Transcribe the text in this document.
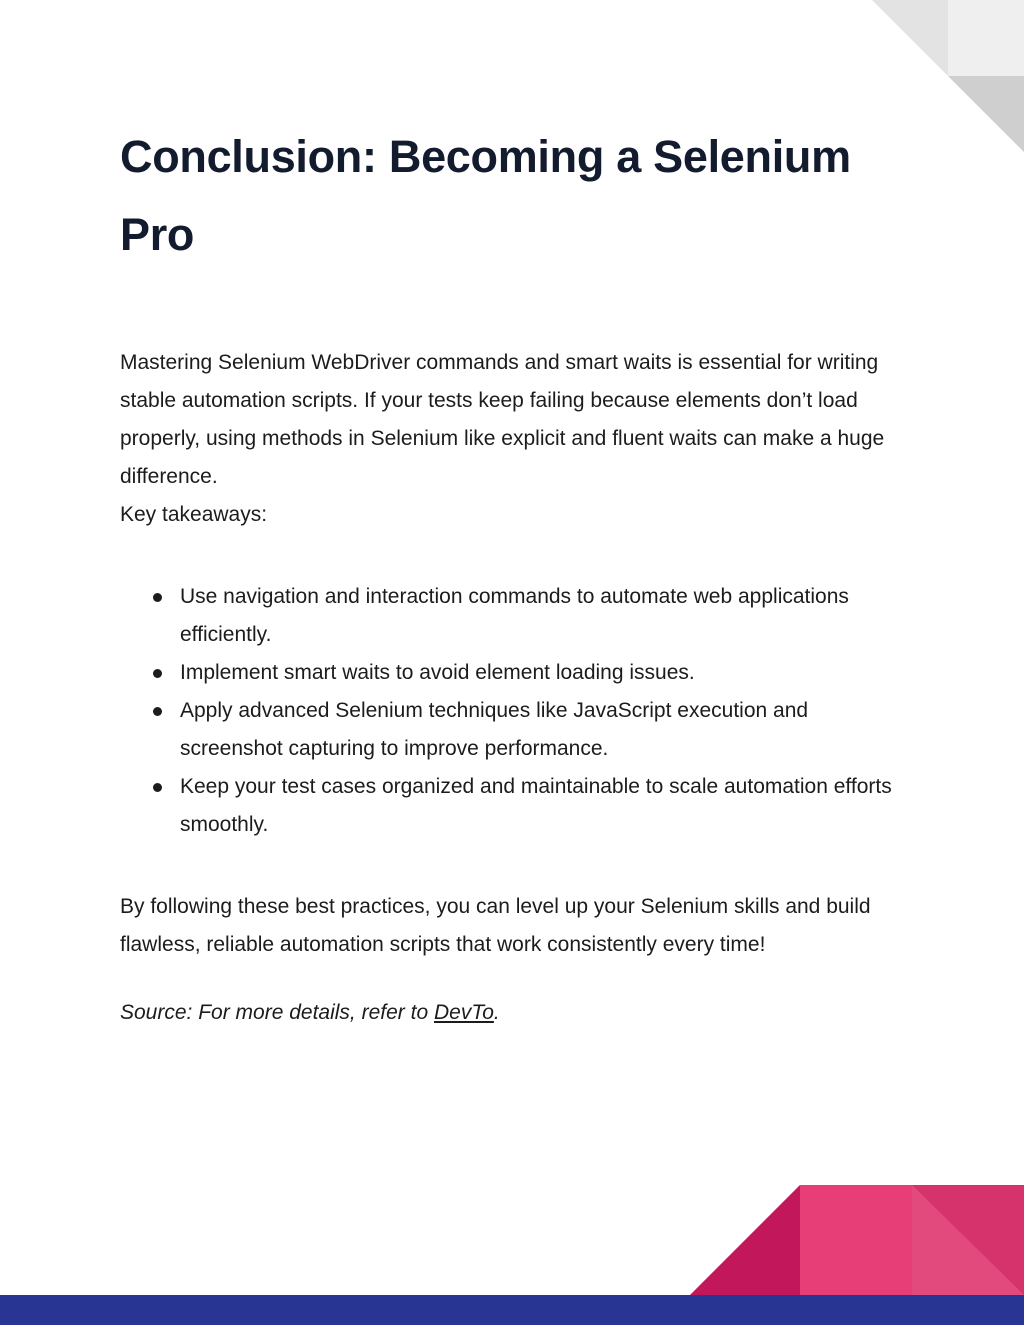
Conclusion: Becoming a Selenium Pro

Mastering Selenium WebDriver commands and smart waits is essential for writing stable automation scripts. If your tests keep failing because elements don’t load properly, using methods in Selenium like explicit and fluent waits can make a huge difference.
Key takeaways:

Use navigation and interaction commands to automate web applications efficiently.
Implement smart waits to avoid element loading issues.
Apply advanced Selenium techniques like JavaScript execution and screenshot capturing to improve performance.
Keep your test cases organized and maintainable to scale automation efforts smoothly.

By following these best practices, you can level up your Selenium skills and build flawless, reliable automation scripts that work consistently every time!

Source: For more details, refer to DevTo.
